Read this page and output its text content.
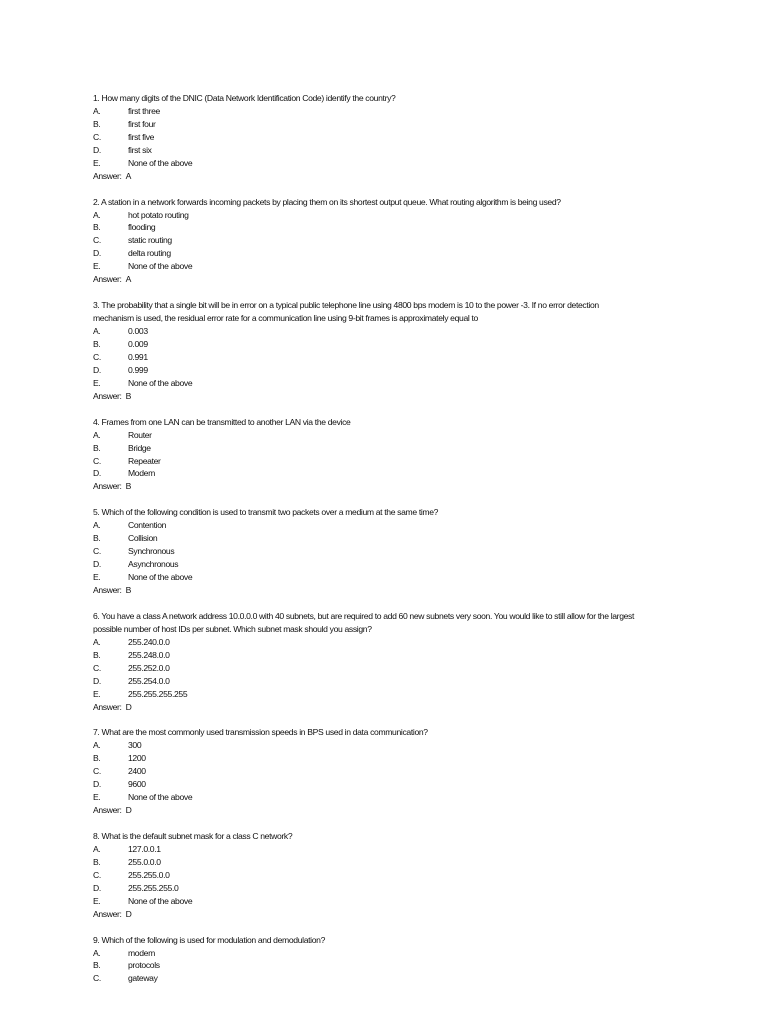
1. How many digits of the DNIC (Data Network Identification Code) identify the country?
A.	first three
B.	first four
C.	first five
D.	first six
E.	None of the above
Answer: A
2. A station in a network forwards incoming packets by placing them on its shortest output queue. What routing algorithm is being used?
A.	hot potato routing
B.	flooding
C.	static routing
D.	delta routing
E.	None of the above
Answer: A
3. The probability that a single bit will be in error on a typical public telephone line using 4800 bps modem is 10 to the power -3. If no error detection
mechanism is used, the residual error rate for a communication line using 9-bit frames is approximately equal to
A.	0.003
B.	0.009
C.	0.991
D.	0.999
E.	None of the above
Answer: B
4. Frames from one LAN can be transmitted to another LAN via the device
A.	Router
B.	Bridge
C.	Repeater
D.	Modem
Answer: B
5. Which of the following condition is used to transmit two packets over a medium at the same time?
A.	Contention
B.	Collision
C.	Synchronous
D.	Asynchronous
E.	None of the above
Answer: B
6. You have a class A network address 10.0.0.0 with 40 subnets, but are required to add 60 new subnets very soon. You would like to still allow for the largest
possible number of host IDs per subnet. Which subnet mask should you assign?
A.	255.240.0.0
B.	255.248.0.0
C.	255.252.0.0
D.	255.254.0.0
E.	255.255.255.255
Answer: D
7. What are the most commonly used transmission speeds in BPS used in data communication?
A.	300
B.	1200
C.	2400
D.	9600
E.	None of the above
Answer: D
8. What is the default subnet mask for a class C network?
A.	127.0.0.1
B.	255.0.0.0
C.	255.255.0.0
D.	255.255.255.0
E.	None of the above
Answer: D
9. Which of the following is used for modulation and demodulation?
A.	modem
B.	protocols
C.	gateway
